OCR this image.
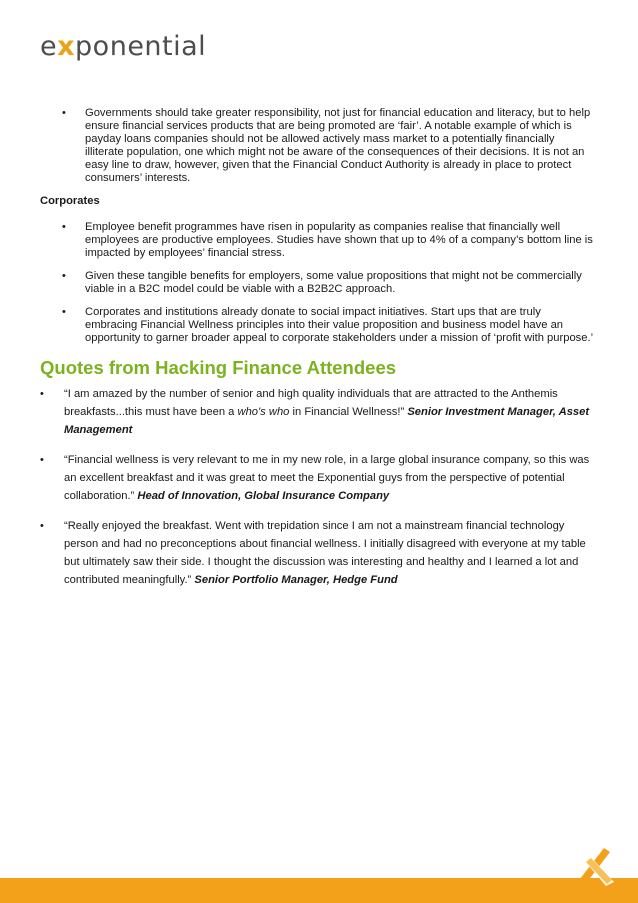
exponential
• Governments should take greater responsibility, not just for financial education and literacy, but to help ensure financial services products that are being promoted are ‘fair’. A notable example of which is payday loans companies should not be allowed actively mass market to a potentially financially illiterate population, one which might not be aware of the consequences of their decisions. It is not an easy line to draw, however, given that the Financial Conduct Authority is already in place to protect consumers’ interests.
Corporates
• Employee benefit programmes have risen in popularity as companies realise that financially well employees are productive employees. Studies have shown that up to 4% of a company’s bottom line is impacted by employees’ financial stress.
• Given these tangible benefits for employers, some value propositions that might not be commercially viable in a B2C model could be viable with a B2B2C approach.
• Corporates and institutions already donate to social impact initiatives. Start ups that are truly embracing Financial Wellness principles into their value proposition and business model have an opportunity to garner broader appeal to corporate stakeholders under a mission of ‘profit with purpose.’
Quotes from Hacking Finance Attendees
• “I am amazed by the number of senior and high quality individuals that are attracted to the Anthemis breakfasts...this must have been a who's who in Financial Wellness!” Senior Investment Manager, Asset Management
• “Financial wellness is very relevant to me in my new role, in a large global insurance company, so this was an excellent breakfast and it was great to meet the Exponential guys from the perspective of potential collaboration.” Head of Innovation, Global Insurance Company
• “Really enjoyed the breakfast. Went with trepidation since I am not a mainstream financial technology person and had no preconceptions about financial wellness. I initially disagreed with everyone at my table but ultimately saw their side. I thought the discussion was interesting and healthy and I learned a lot and contributed meaningfully.” Senior Portfolio Manager, Hedge Fund
